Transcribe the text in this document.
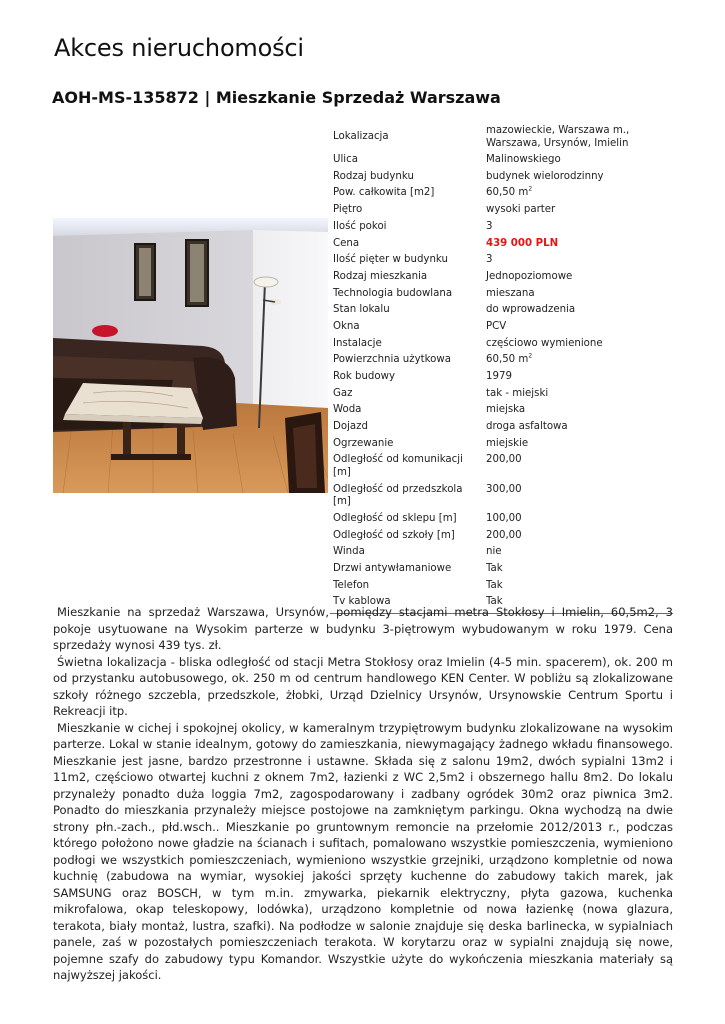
Akces nieruchomości
AOH-MS-135872 | Mieszkanie Sprzedaż Warszawa
Lokalizacja	mazowieckie, Warszawa m., Warszawa, Ursynów, Imielin
Ulica	Malinowskiego
Rodzaj budynku	budynek wielorodzinny
Pow. całkowita [m2]	60,50 $m^2$
Piętro	wysoki parter
Ilość pokoi	3
Cena	439 000 PLN
Ilość pięter w budynku	3
Rodzaj mieszkania	Jednopoziomowe
Technologia budowlana	mieszana
Stan lokalu	do wprowadzenia
Okna	PCV
Instalacje	częściowo wymienione
Powierzchnia użytkowa	60,50 $m^2$
Rok budowy	1979
Gaz	tak - miejski
Woda	miejska
Dojazd	droga asfaltowa
Ogrzewanie	miejskie
Odległość od komunikacji [m]	200,00
Odległość od przedszkola [m]	300,00
Odległość od sklepu [m]	100,00
Odległość od szkoły [m]	200,00
Winda	nie
Drzwi antywłamaniowe	Tak
Telefon	Tak
Tv kablowa	Tak

Mieszkanie na sprzedaż Warszawa, Ursynów, pomiędzy stacjami metra Stokłosy i Imielin, 60,5m2, 3 pokoje usytuowane na Wysokim parterze w budynku 3-piętrowym wybudowanym w roku 1979. Cena sprzedaży wynosi 439 tys. zł.

Świetna lokalizacja - bliska odległość od stacji Metra Stokłosy oraz Imielin (4-5 min. spacerem), ok. 200 m od przystanku autobusowego, ok. 250 m od centrum handlowego KEN Center. W pobliżu są zlokalizowane szkoły różnego szczebla, przedszkole, żłobki, Urząd Dzielnicy Ursynów, Ursynowskie Centrum Sportu i Rekreacji itp.

Mieszkanie w cichej i spokojnej okolicy, w kameralnym trzypiętrowym budynku zlokalizowane na wysokim parterze. Lokal w stanie idealnym, gotowy do zamieszkania, niewymagający żadnego wkładu finansowego. Mieszkanie jest jasne, bardzo przestronne i ustawne. Składa się z salonu 19m2, dwóch sypialni 13m2 i 11m2, częściowo otwartej kuchni z oknem 7m2, łazienki z WC 2,5m2 i obszernego hallu 8m2. Do lokalu przynależy ponadto duża loggia 7m2, zagospodarowany i zadbany ogródek 30m2 oraz piwnica 3m2. Ponadto do mieszkania przynależy miejsce postojowe na zamkniętym parkingu. Okna wychodzą na dwie strony płn.-zach., płd.wsch.. Mieszkanie po gruntownym remoncie na przełomie 2012/2013 r., podczas którego położono nowe gładzie na ścianach i sufitach, pomalowano wszystkie pomieszczenia, wymieniono podłogi we wszystkich pomieszczeniach, wymieniono wszystkie grzejniki, urządzono kompletnie od nowa kuchnię (zabudowa na wymiar, wysokiej jakości sprzęty kuchenne do zabudowy takich marek, jak SAMSUNG oraz BOSCH, w tym m.in. zmywarka, piekarnik elektryczny, płyta gazowa, kuchenka mikrofalowa, okap teleskopowy, lodówka), urządzono kompletnie od nowa łazienkę (nowa glazura, terakota, biały montaż, lustra, szafki). Na podłodze w salonie znajduje się deska barlinecka, w sypialniach panele, zaś w pozostałych pomieszczeniach terakota. W korytarzu oraz w sypialni znajdują się nowe, pojemne szafy do zabudowy typu Komandor. Wszystkie użyte do wykończenia mieszkania materiały są najwyższej jakości.
